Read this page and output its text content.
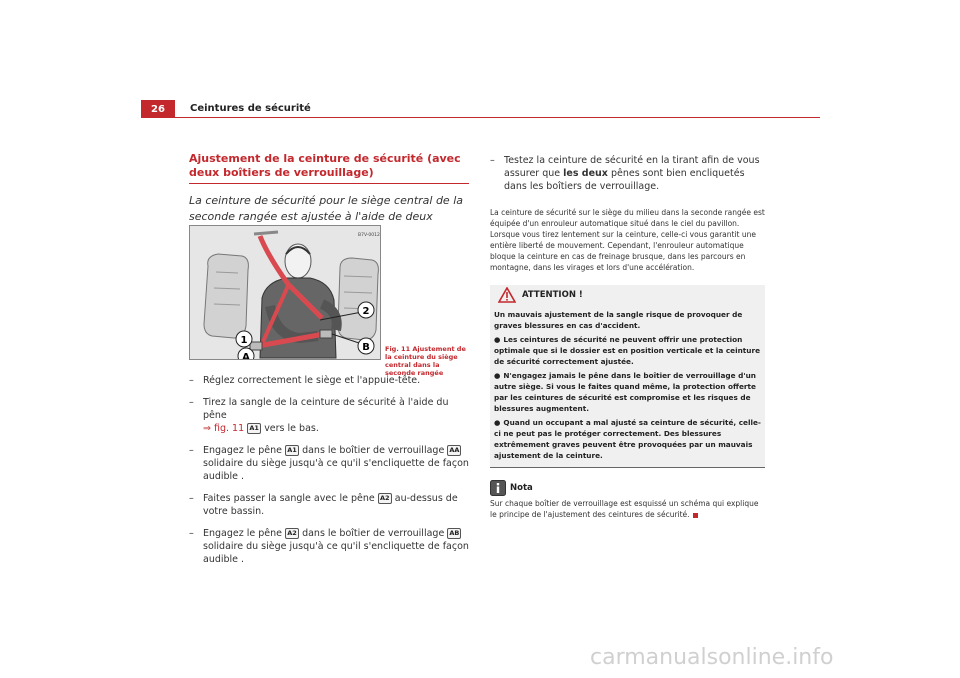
26	Ceintures de sécurité
Ajustement de la ceinture de sécurité (avec deux boîtiers de verrouillage)

La ceinture de sécurité pour le siège central de la seconde rangée est ajustée à l'aide de deux

1
2
A
B
B7V-0012
Fig. 11 Ajustement de la ceinture du siège central dans la seconde rangée
– Réglez correctement le siège et l'appuie-tête.
– Tirez la sangle de la ceinture de sécurité à l'aide du pêne
⇒ fig. 11 A1 vers le bas.
– Engagez le pêne A1 dans le boîtier de verrouillage AA solidaire du siège jusqu'à ce qu'il s'encliquette de façon audible .
– Faites passer la sangle avec le pêne A2 au-dessus de votre bassin.
– Engagez le pêne A2 dans le boîtier de verrouillage AB solidaire du siège jusqu'à ce qu'il s'encliquette de façon audible .
– Testez la ceinture de sécurité en la tirant afin de vous assurer que les deux pênes sont bien encliquetés dans les boîtiers de verrouillage.
La ceinture de sécurité sur le siège du milieu dans la seconde rangée est équipée d'un enrouleur automatique situé dans le ciel du pavillon. Lorsque vous tirez lentement sur la ceinture, celle-ci vous garantit une entière liberté de mouvement. Cependant, l'enrouleur automatique bloque la ceinture en cas de freinage brusque, dans les parcours en montagne, dans les virages et lors d'une accélération.
ATTENTION !

Un mauvais ajustement de la sangle risque de provoquer de graves blessures en cas d'accident.

● Les ceintures de sécurité ne peuvent offrir une protection optimale que si le dossier est en position verticale et la ceinture de sécurité correctement ajustée.

● N'engagez jamais le pêne dans le boîtier de verrouillage d'un autre siège. Si vous le faites quand même, la protection offerte par les ceintures de sécurité est compromise et les risques de blessures augmentent.

● Quand un occupant a mal ajusté sa ceinture de sécurité, celle-ci ne peut pas le protéger correctement. Des blessures extrêmement graves peuvent être provoquées par un mauvais ajustement de la ceinture.

Nota
Sur chaque boîtier de verrouillage est esquissé un schéma qui explique le principe de l'ajustement des ceintures de sécurité.
carmanualsonline.info
